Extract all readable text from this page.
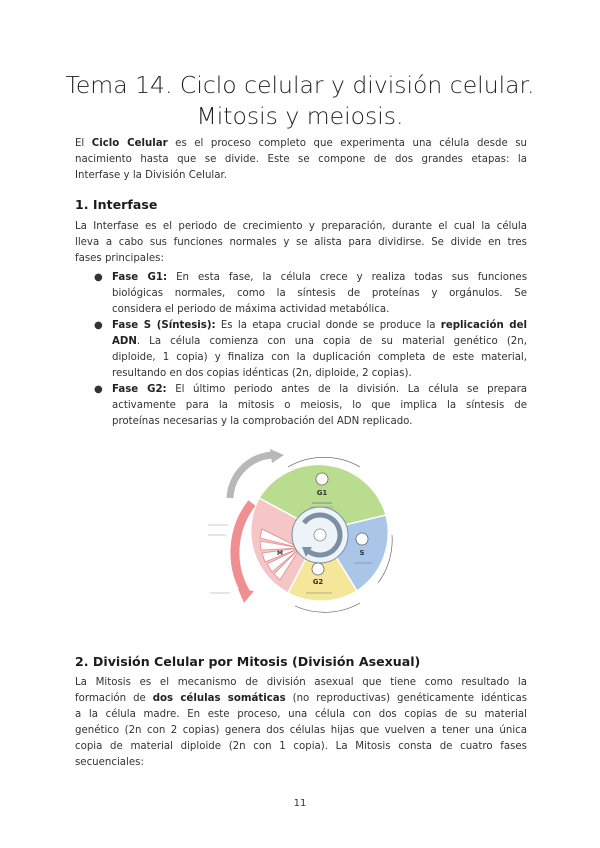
Tema 14. Ciclo celular y división celular.
Mitosis y meiosis.
El Ciclo Celular es el proceso completo que experimenta una célula desde su
nacimiento hasta que se divide. Este se compone de dos grandes etapas: la
Interfase y la División Celular.
1. Interfase
La Interfase es el periodo de crecimiento y preparación, durante el cual la célula
lleva a cabo sus funciones normales y se alista para dividirse. Se divide en tres
fases principales:
● Fase G1: En esta fase, la célula crece y realiza todas sus funciones
biológicas normales, como la síntesis de proteínas y orgánulos. Se
considera el periodo de máxima actividad metabólica.
● Fase S (Síntesis): Es la etapa crucial donde se produce la replicación del
ADN. La célula comienza con una copia de su material genético (2n,
diploide, 1 copia) y finaliza con la duplicación completa de este material,
resultando en dos copias idénticas (2n, diploide, 2 copias).
● Fase G2: El último periodo antes de la división. La célula se prepara
activamente para la mitosis o meiosis, lo que implica la síntesis de
proteínas necesarias y la comprobación del ADN replicado.
G1
S
G2
M
2. División Celular por Mitosis (División Asexual)
La Mitosis es el mecanismo de división asexual que tiene como resultado la
formación de dos células somáticas (no reproductivas) genéticamente idénticas
a la célula madre. En este proceso, una célula con dos copias de su material
genético (2n con 2 copias) genera dos células hijas que vuelven a tener una única
copia de material diploide (2n con 1 copia). La Mitosis consta de cuatro fases
secuenciales:
11
